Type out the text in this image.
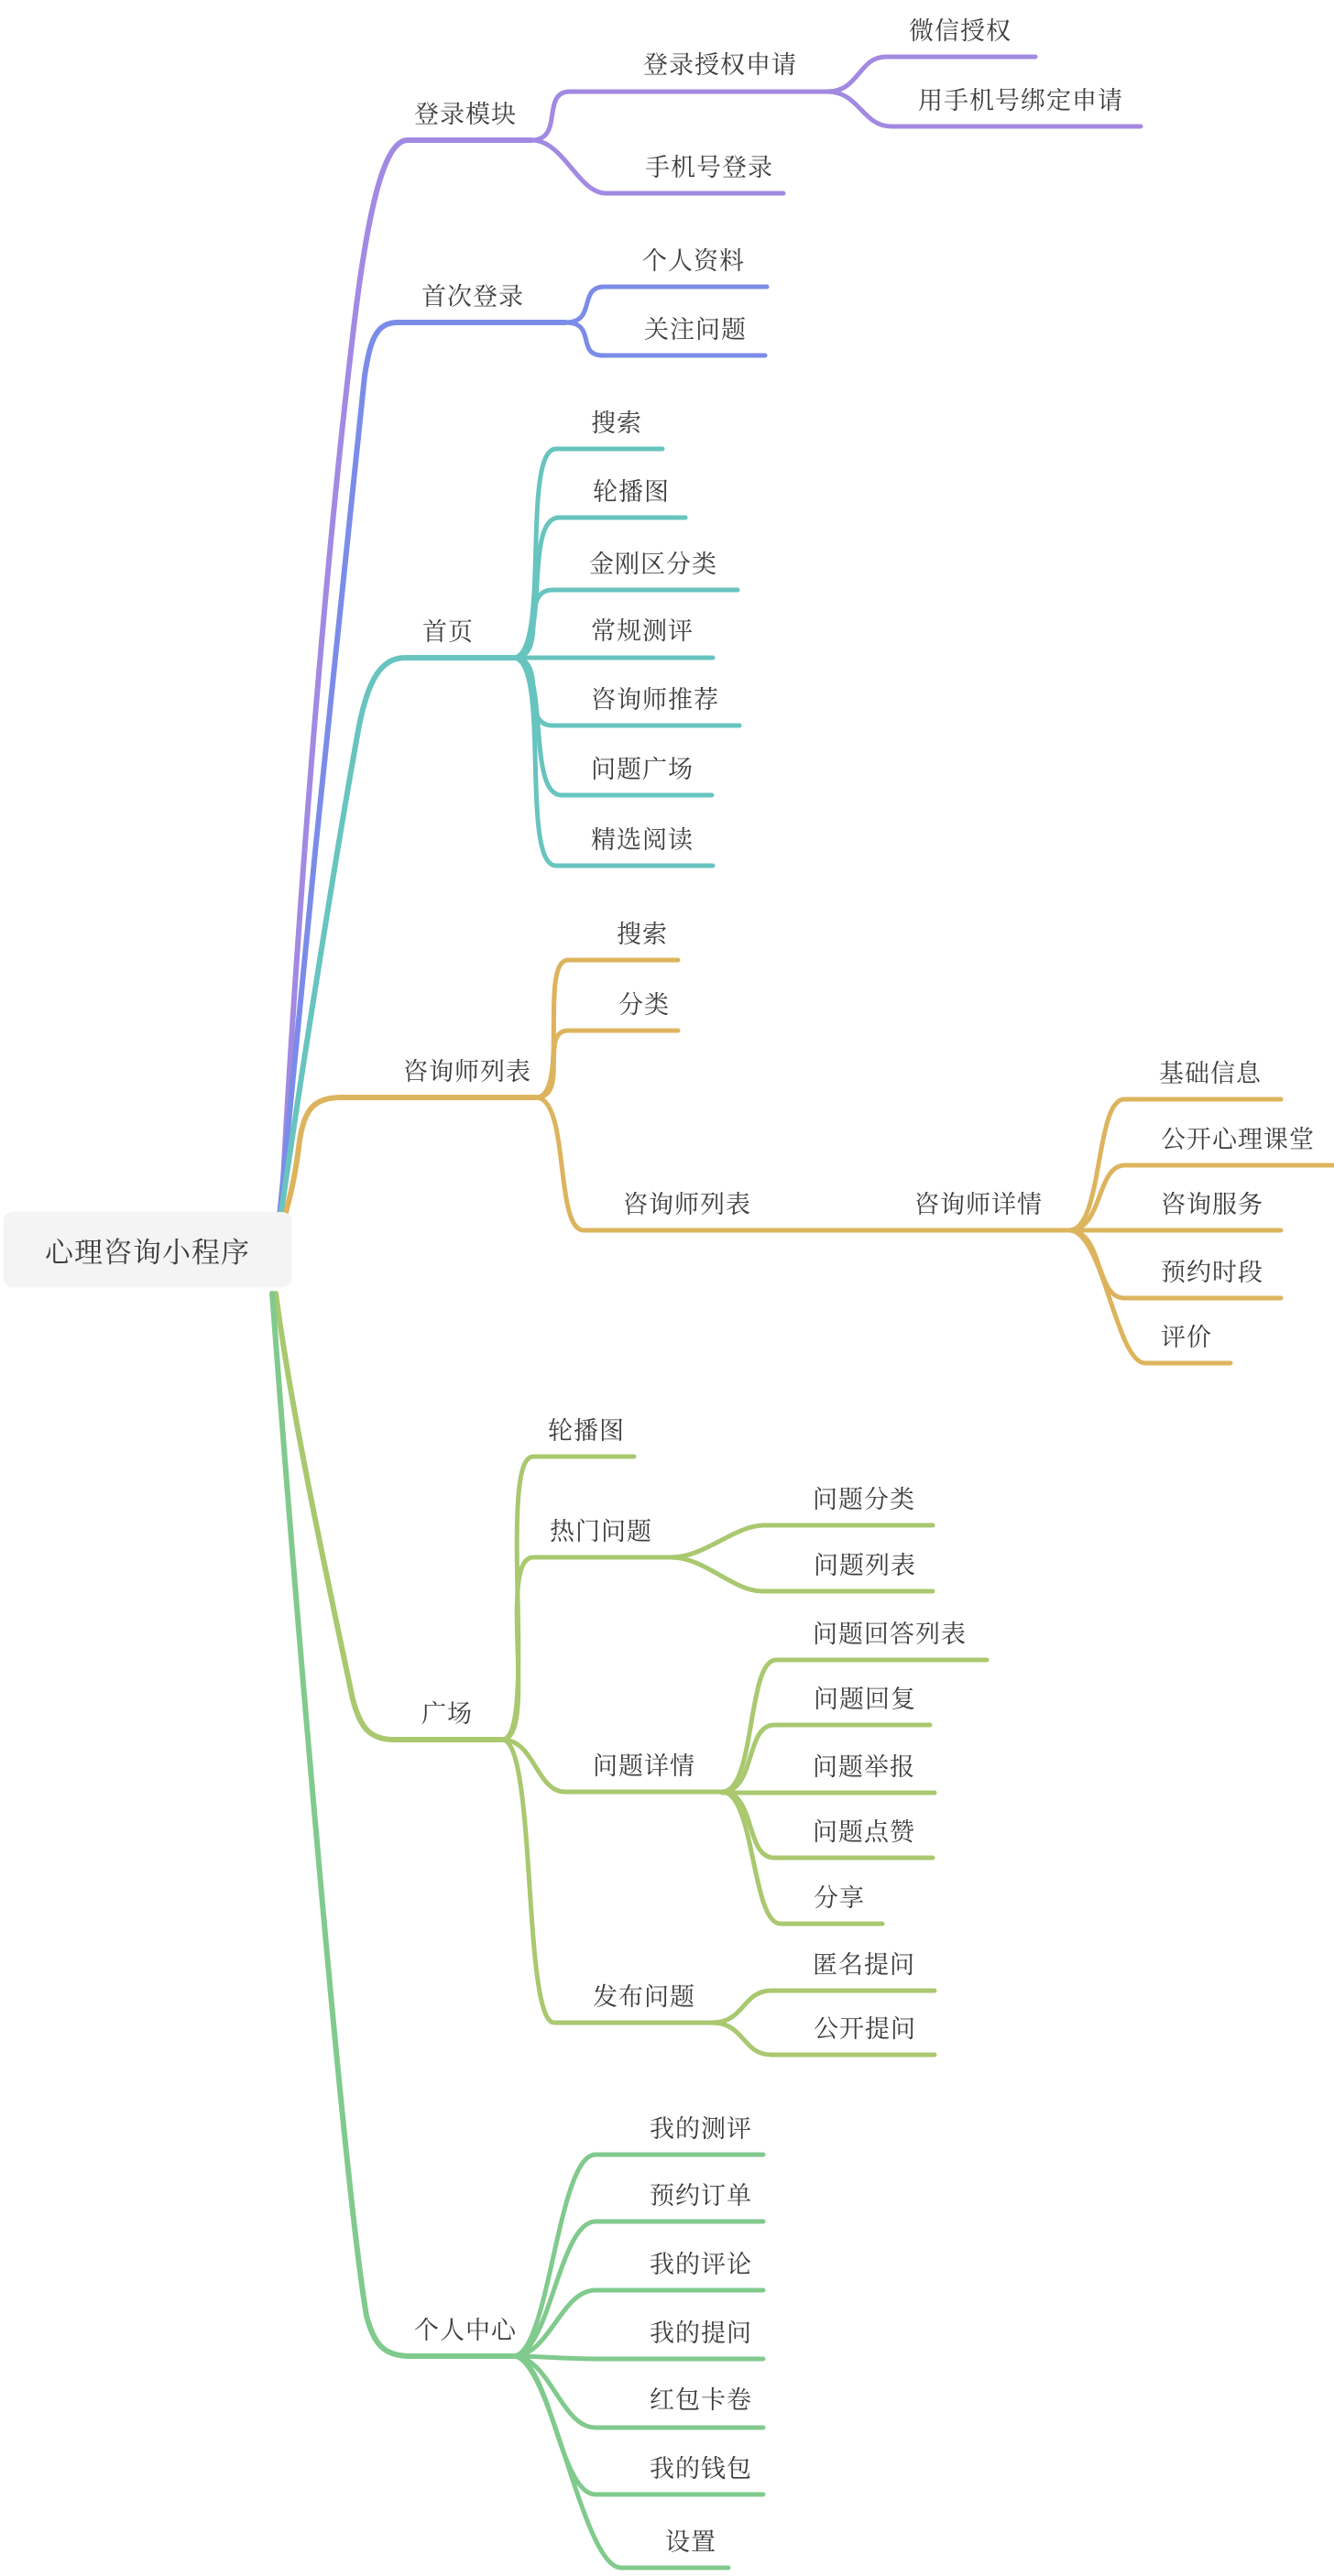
心理咨询小程序
登录模块
登录授权申请
微信授权
用手机号绑定申请
手机号登录
首次登录
个人资料
关注问题
首页
搜索
轮播图
金刚区分类
常规测评
咨询师推荐
问题广场
精选阅读
咨询师列表
搜索
分类
咨询师列表	咨询师详情
基础信息
公开心理课堂
咨询服务
预约时段
评价
广场
轮播图
热门问题
问题分类
问题列表
问题详情
问题回答列表
问题回复
问题举报
问题点赞
分享
发布问题
匿名提问
公开提问
个人中心
我的测评
预约订单
我的评论
我的提问
红包卡卷
我的钱包
设置
